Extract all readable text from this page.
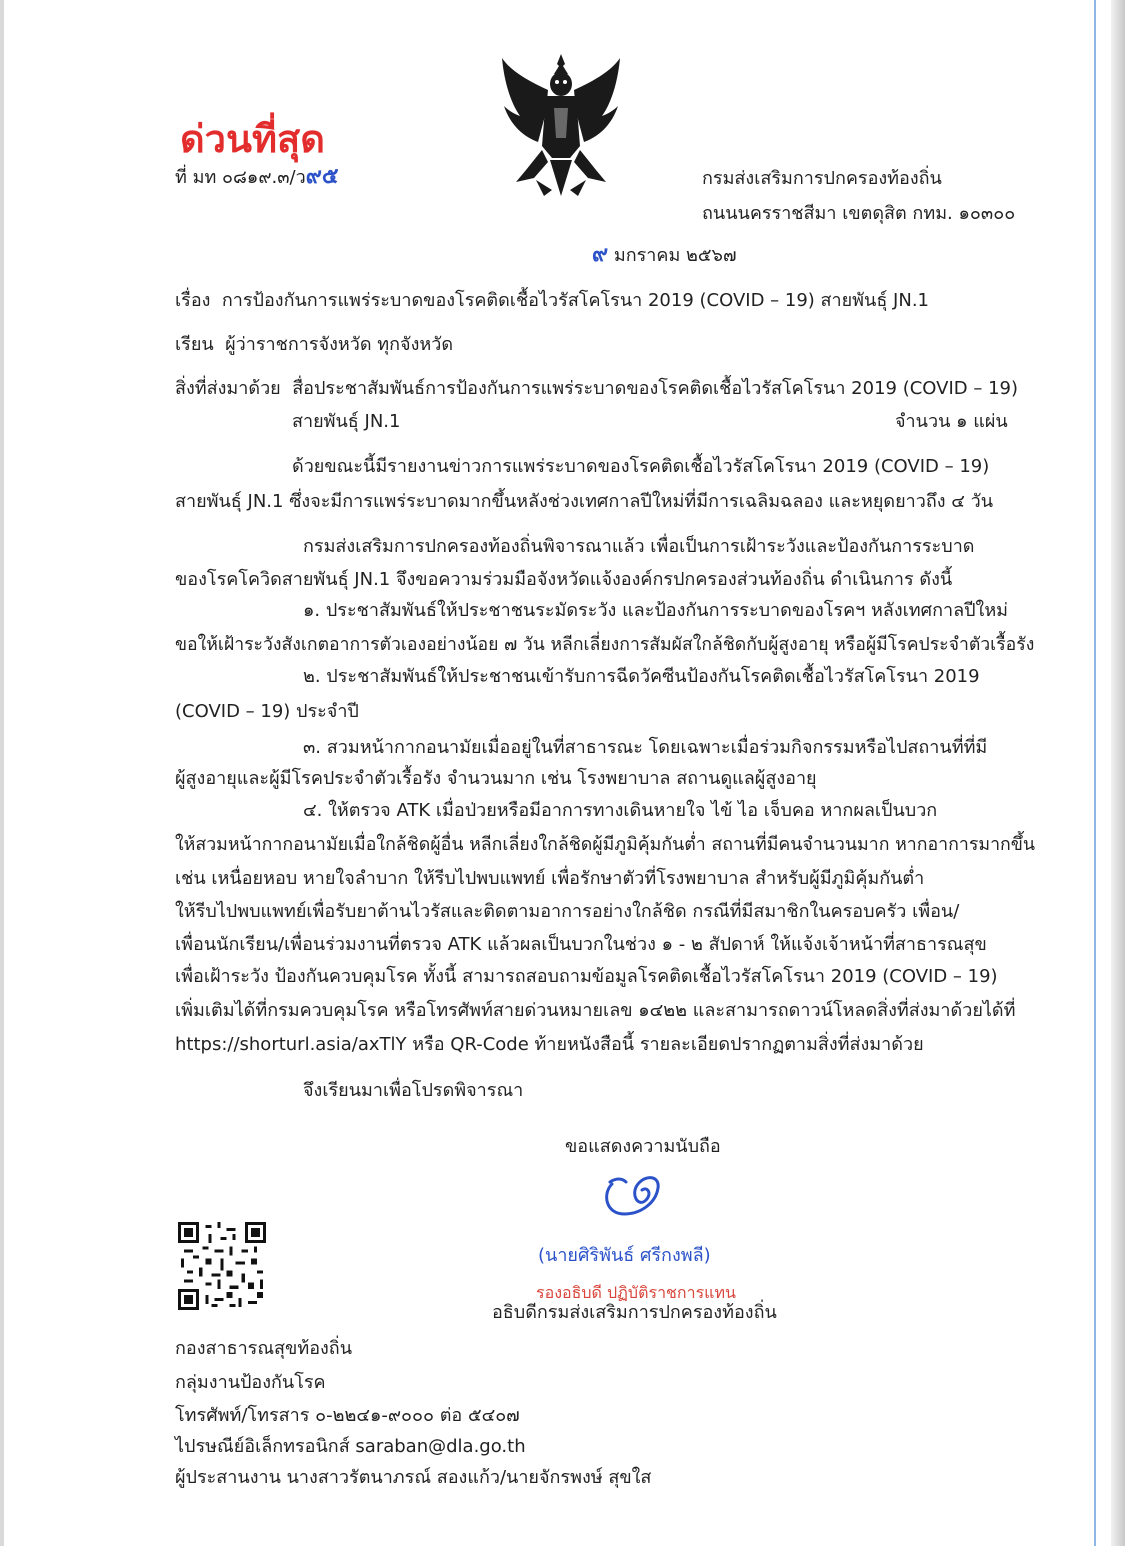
ด่วนที่สุด
ที่ มท ๐๘๑๙.๓/ว๙๕	กรมส่งเสริมการปกครองท้องถิ่น
ถนนนครราชสีมา เขตดุสิต กทม. ๑๐๓๐๐
๙ มกราคม ๒๕๖๗
เรื่อง การป้องกันการแพร่ระบาดของโรคติดเชื้อไวรัสโคโรนา 2019 (COVID – 19) สายพันธุ์ JN.1
เรียน ผู้ว่าราชการจังหวัด ทุกจังหวัด
สิ่งที่ส่งมาด้วย สื่อประชาสัมพันธ์การป้องกันการแพร่ระบาดของโรคติดเชื้อไวรัสโคโรนา 2019 (COVID – 19)
สายพันธุ์ JN.1	จำนวน ๑ แผ่น
ด้วยขณะนี้มีรายงานข่าวการแพร่ระบาดของโรคติดเชื้อไวรัสโคโรนา 2019 (COVID – 19)
สายพันธุ์ JN.1 ซึ่งจะมีการแพร่ระบาดมากขึ้นหลังช่วงเทศกาลปีใหม่ที่มีการเฉลิมฉลอง และหยุดยาวถึง ๔ วัน
กรมส่งเสริมการปกครองท้องถิ่นพิจารณาแล้ว เพื่อเป็นการเฝ้าระวังและป้องกันการระบาด
ของโรคโควิดสายพันธุ์ JN.1 จึงขอความร่วมมือจังหวัดแจ้งองค์กรปกครองส่วนท้องถิ่น ดำเนินการ ดังนี้
๑. ประชาสัมพันธ์ให้ประชาชนระมัดระวัง และป้องกันการระบาดของโรคฯ หลังเทศกาลปีใหม่
ขอให้เฝ้าระวังสังเกตอาการตัวเองอย่างน้อย ๗ วัน หลีกเลี่ยงการสัมผัสใกล้ชิดกับผู้สูงอายุ หรือผู้มีโรคประจำตัวเรื้อรัง
๒. ประชาสัมพันธ์ให้ประชาชนเข้ารับการฉีดวัคซีนป้องกันโรคติดเชื้อไวรัสโคโรนา 2019
(COVID – 19) ประจำปี
๓. สวมหน้ากากอนามัยเมื่ออยู่ในที่สาธารณะ โดยเฉพาะเมื่อร่วมกิจกรรมหรือไปสถานที่ที่มี
ผู้สูงอายุและผู้มีโรคประจำตัวเรื้อรัง จำนวนมาก เช่น โรงพยาบาล สถานดูแลผู้สูงอายุ
๔. ให้ตรวจ ATK เมื่อป่วยหรือมีอาการทางเดินหายใจ ไข้ ไอ เจ็บคอ หากผลเป็นบวก
ให้สวมหน้ากากอนามัยเมื่อใกล้ชิดผู้อื่น หลีกเลี่ยงใกล้ชิดผู้มีภูมิคุ้มกันต่ำ สถานที่มีคนจำนวนมาก หากอาการมากขึ้น
เช่น เหนื่อยหอบ หายใจลำบาก ให้รีบไปพบแพทย์ เพื่อรักษาตัวที่โรงพยาบาล สำหรับผู้มีภูมิคุ้มกันต่ำ
ให้รีบไปพบแพทย์เพื่อรับยาต้านไวรัสและติดตามอาการอย่างใกล้ชิด กรณีที่มีสมาชิกในครอบครัว เพื่อน/
เพื่อนนักเรียน/เพื่อนร่วมงานที่ตรวจ ATK แล้วผลเป็นบวกในช่วง ๑ - ๒ สัปดาห์ ให้แจ้งเจ้าหน้าที่สาธารณสุข
เพื่อเฝ้าระวัง ป้องกันควบคุมโรค ทั้งนี้ สามารถสอบถามข้อมูลโรคติดเชื้อไวรัสโคโรนา 2019 (COVID – 19)
เพิ่มเติมได้ที่กรมควบคุมโรค หรือโทรศัพท์สายด่วนหมายเลข ๑๔๒๒ และสามารถดาวน์โหลดสิ่งที่ส่งมาด้วยได้ที่
https://shorturl.asia/axTlY หรือ QR-Code ท้ายหนังสือนี้ รายละเอียดปรากฏตามสิ่งที่ส่งมาด้วย
จึงเรียนมาเพื่อโปรดพิจารณา
ขอแสดงความนับถือ
(นายศิริพันธ์ ศรีกงพลี)
รองอธิบดี ปฏิบัติราชการแทน
อธิบดีกรมส่งเสริมการปกครองท้องถิ่น
กองสาธารณสุขท้องถิ่น
กลุ่มงานป้องกันโรค
โทรศัพท์/โทรสาร ๐-๒๒๔๑-๙๐๐๐ ต่อ ๕๔๐๗
ไปรษณีย์อิเล็กทรอนิกส์ saraban@dla.go.th
ผู้ประสานงาน นางสาวรัตนาภรณ์ สองแก้ว/นายจักรพงษ์ สุขใส
